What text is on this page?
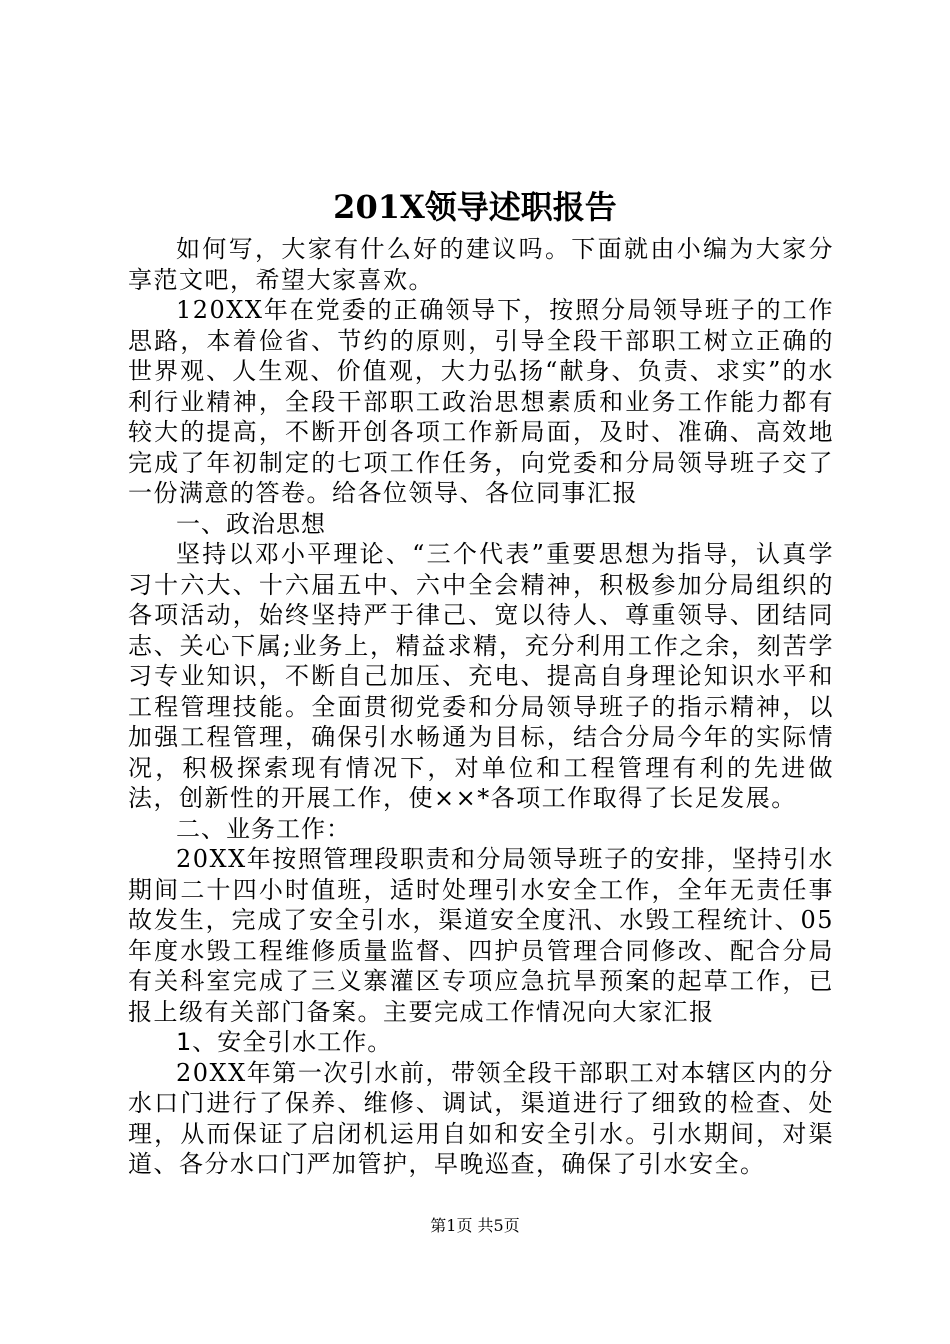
201X领导述职报告

如何写，大家有什么好的建议吗。下面就由小编为大家分享范文吧，希望大家喜欢。

120XX年在党委的正确领导下，按照分局领导班子的工作思路，本着俭省、节约的原则，引导全段干部职工树立正确的世界观、人生观、价值观，大力弘扬“献身、负责、求实”的水利行业精神，全段干部职工政治思想素质和业务工作能力都有较大的提高，不断开创各项工作新局面，及时、准确、高效地完成了年初制定的七项工作任务，向党委和分局领导班子交了一份满意的答卷。给各位领导、各位同事汇报

一、政治思想

坚持以邓小平理论、“三个代表”重要思想为指导，认真学习十六大、十六届五中、六中全会精神，积极参加分局组织的各项活动，始终坚持严于律己、宽以待人、尊重领导、团结同志、关心下属;业务上，精益求精，充分利用工作之余，刻苦学习专业知识，不断自己加压、充电、提高自身理论知识水平和工程管理技能。全面贯彻党委和分局领导班子的指示精神，以加强工程管理，确保引水畅通为目标，结合分局今年的实际情况，积极探索现有情况下，对单位和工程管理有利的先进做法，创新性的开展工作，使××*各项工作取得了长足发展。

二、业务工作：

20XX年按照管理段职责和分局领导班子的安排，坚持引水期间二十四小时值班，适时处理引水安全工作，全年无责任事故发生，完成了安全引水，渠道安全度汛、水毁工程统计、05年度水毁工程维修质量监督、四护员管理合同修改、配合分局有关科室完成了三义寨灌区专项应急抗旱预案的起草工作，已报上级有关部门备案。主要完成工作情况向大家汇报

1、安全引水工作。

20XX年第一次引水前，带领全段干部职工对本辖区内的分水口门进行了保养、维修、调试，渠道进行了细致的检查、处理，从而保证了启闭机运用自如和安全引水。引水期间，对渠道、各分水口门严加管护，早晚巡查，确保了引水安全。

第1页 共5页
